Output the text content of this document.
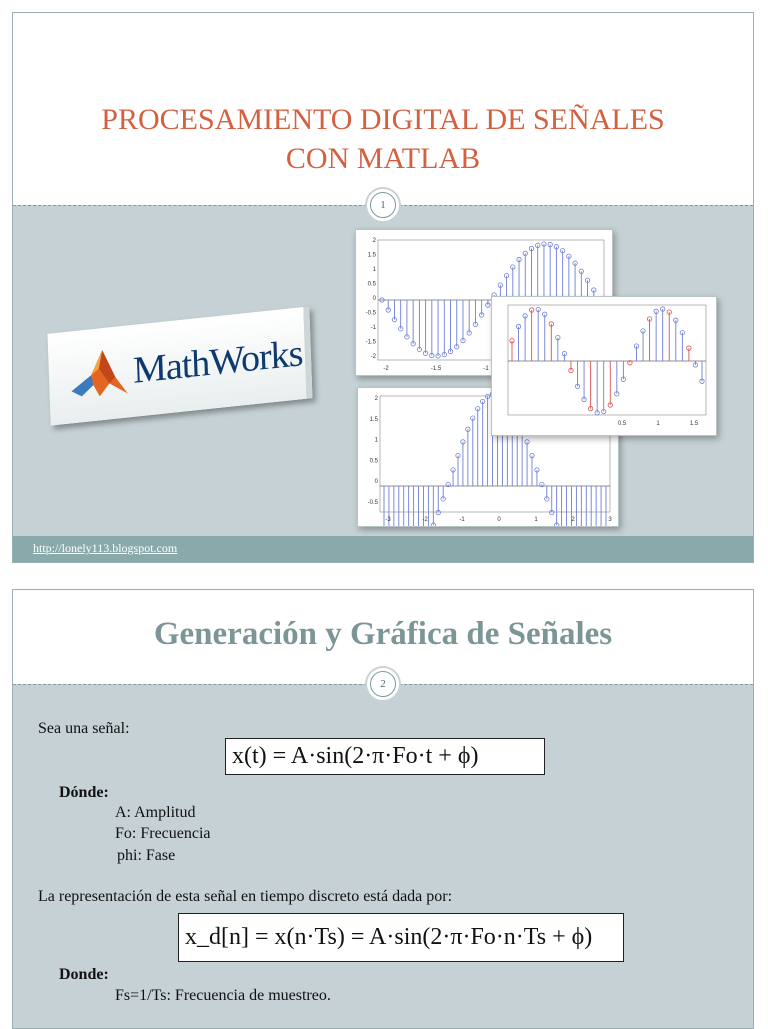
PROCESAMIENTO DIGITAL DE SEÑALES
CON MATLAB
1
MathWorks
2
1.5
1
0.5
0
-0.5
-1
-1.5
-2
-2	-1.5	-1
2
1.5
1
0.5
0
-0.5
-3	-2	-1	0	1	2	3
0.5	1	1.5
http://lonely113.blogspot.com
Generación y Gráfica de Señales
2
Sea una señal:
x(t) = A·sin(2·π·Fo·t + ϕ)
Dónde:
A: Amplitud
Fo: Frecuencia
phi: Fase
La representación de esta señal en tiempo discreto está dada por:
x_d[n] = x(n·Ts) = A·sin(2·π·Fo·n·Ts + ϕ)
Donde:
Fs=1/Ts: Frecuencia de muestreo.
